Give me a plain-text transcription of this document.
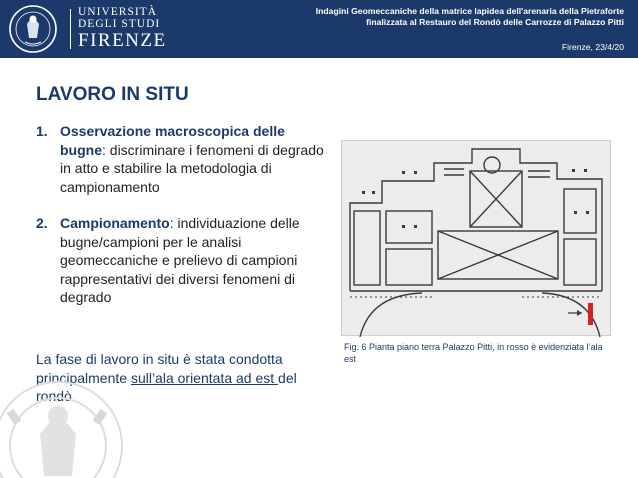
UNIVERSITÀ
DEGLI STUDI
FIRENZE
Indagini Geomeccaniche della matrice lapidea dell'arenaria della Pietraforte
finalizzata al Restauro del Rondò delle Carrozze di Palazzo Pitti
Firenze, 23/4/20
LAVORO IN SITU
1. Osservazione macroscopica delle bugne: discriminare i fenomeni di degrado in atto e stabilire la metodologia di campionamento
2. Campionamento: individuazione delle bugne/campioni per le analisi geomeccaniche e prelievo di campioni rappresentativi dei diversi fenomeni di degrado

La fase di lavoro in situ è stata condotta principalmente sull’ala orientata ad est del rondò

Fig. 6 Pianta piano terra Palazzo Pitti, in rosso è evidenziata l’ala est
